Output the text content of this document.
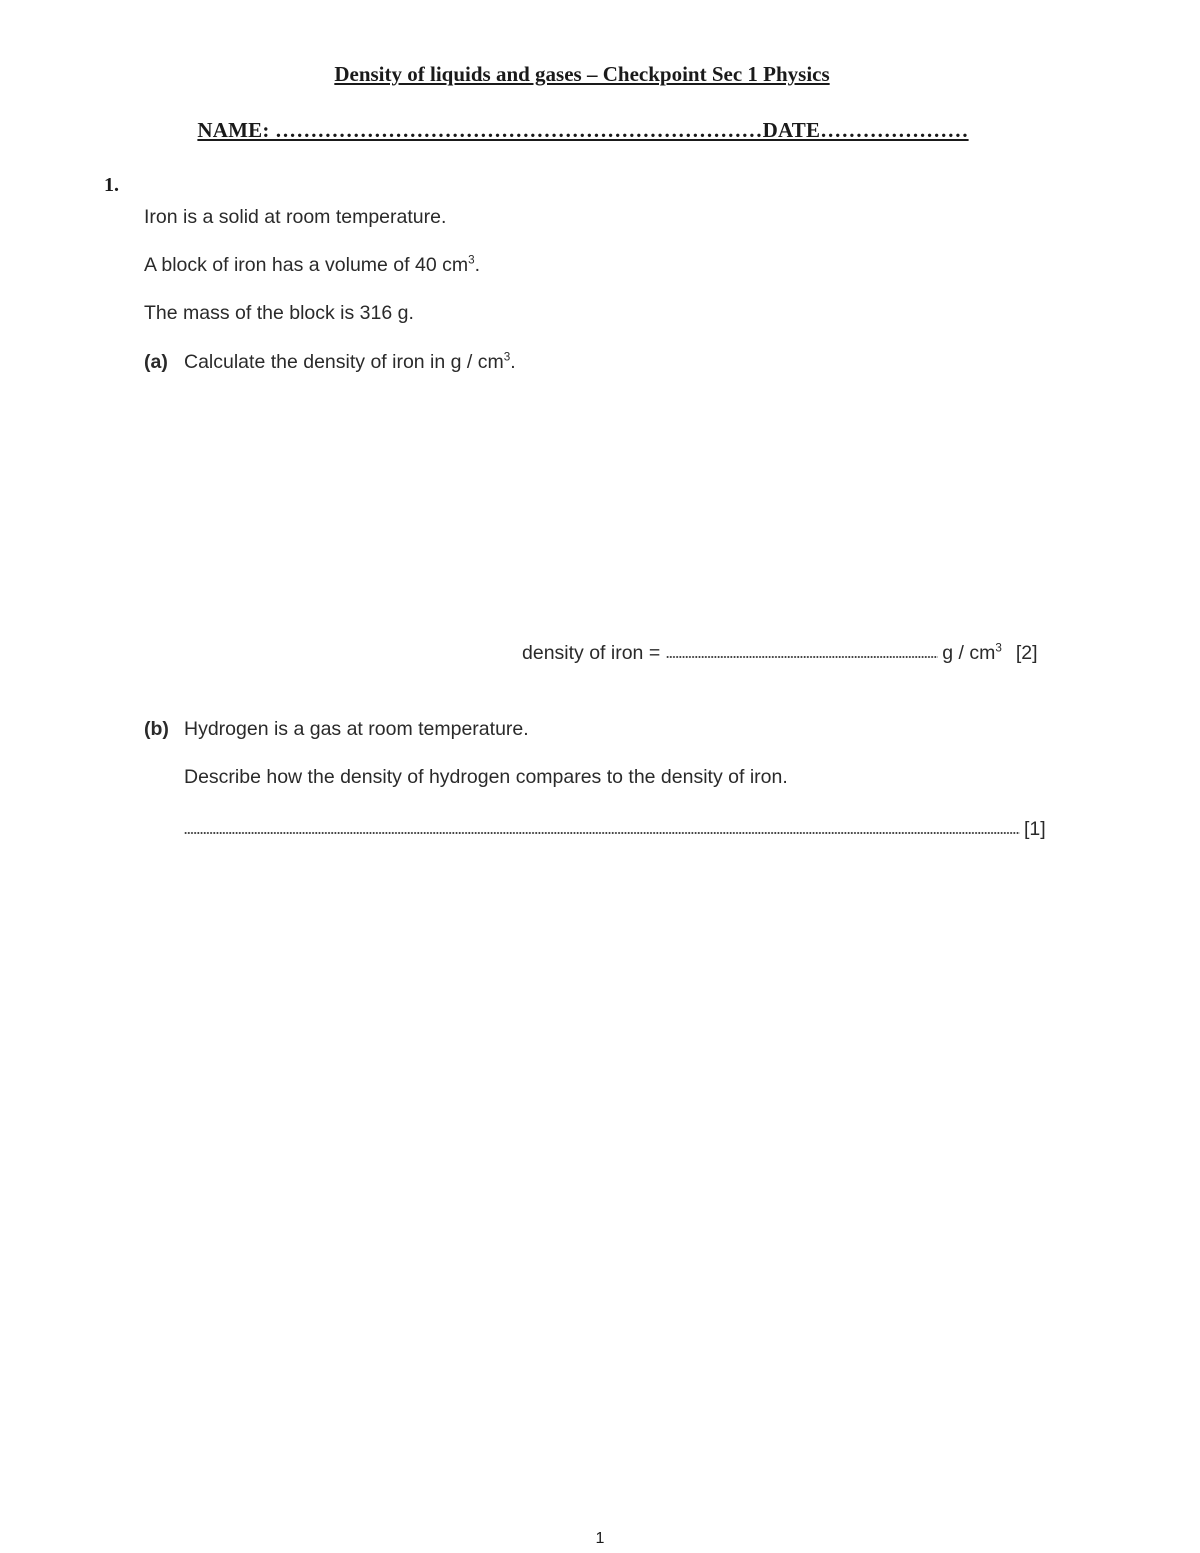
Density of liquids and gases – Checkpoint Sec 1 Physics
NAME: ……………………………………………………………DATE…………………
1.
Iron is a solid at room temperature.
A block of iron has a volume of 40 $cm^3$.
The mass of the block is 316 g.
(a) Calculate the density of iron in g / $cm^3$.
density of iron =	g / $cm^3$ [2]
(b) Hydrogen is a gas at room temperature.
Describe how the density of hydrogen compares to the density of iron.
[1]
1
